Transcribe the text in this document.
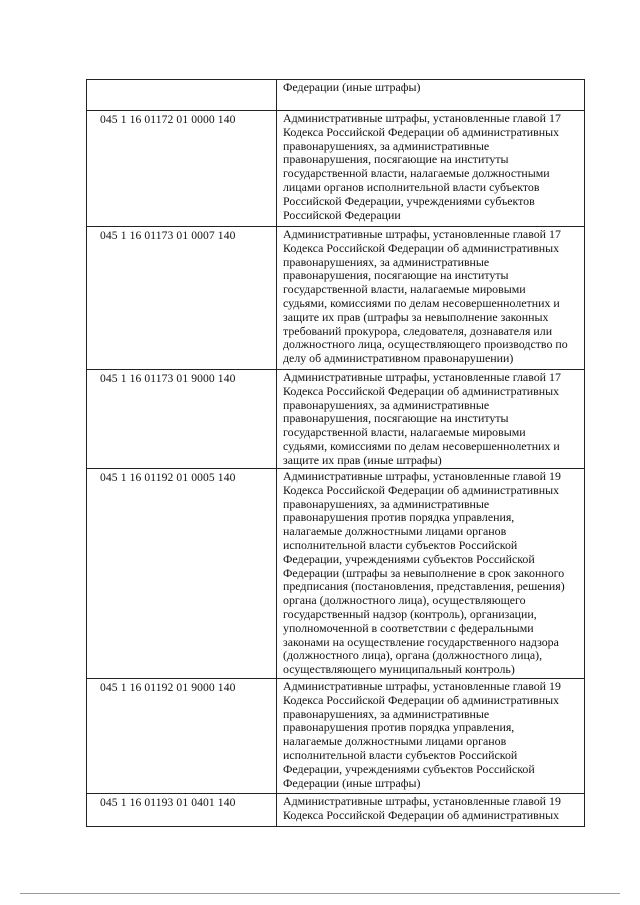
Федерации (иные штрафы)
045 1 16 01172 01 0000 140	Административные штрафы, установленные главой 17
Кодекса Российской Федерации об административных
правонарушениях, за административные
правонарушения, посягающие на институты
государственной власти, налагаемые должностными
лицами органов исполнительной власти субъектов
Российской Федерации, учреждениями субъектов
Российской Федерации
045 1 16 01173 01 0007 140	Административные штрафы, установленные главой 17
Кодекса Российской Федерации об административных
правонарушениях, за административные
правонарушения, посягающие на институты
государственной власти, налагаемые мировыми
судьями, комиссиями по делам несовершеннолетних и
защите их прав (штрафы за невыполнение законных
требований прокурора, следователя, дознавателя или
должностного лица, осуществляющего производство по
делу об административном правонарушении)
045 1 16 01173 01 9000 140	Административные штрафы, установленные главой 17
Кодекса Российской Федерации об административных
правонарушениях, за административные
правонарушения, посягающие на институты
государственной власти, налагаемые мировыми
судьями, комиссиями по делам несовершеннолетних и
защите их прав (иные штрафы)
045 1 16 01192 01 0005 140	Административные штрафы, установленные главой 19
Кодекса Российской Федерации об административных
правонарушениях, за административные
правонарушения против порядка управления,
налагаемые должностными лицами органов
исполнительной власти субъектов Российской
Федерации, учреждениями субъектов Российской
Федерации (штрафы за невыполнение в срок законного
предписания (постановления, представления, решения)
органа (должностного лица), осуществляющего
государственный надзор (контроль), организации,
уполномоченной в соответствии с федеральными
законами на осуществление государственного надзора
(должностного лица), органа (должностного лица),
осуществляющего муниципальный контроль)
045 1 16 01192 01 9000 140	Административные штрафы, установленные главой 19
Кодекса Российской Федерации об административных
правонарушениях, за административные
правонарушения против порядка управления,
налагаемые должностными лицами органов
исполнительной власти субъектов Российской
Федерации, учреждениями субъектов Российской
Федерации (иные штрафы)
045 1 16 01193 01 0401 140	Административные штрафы, установленные главой 19
Кодекса Российской Федерации об административных
